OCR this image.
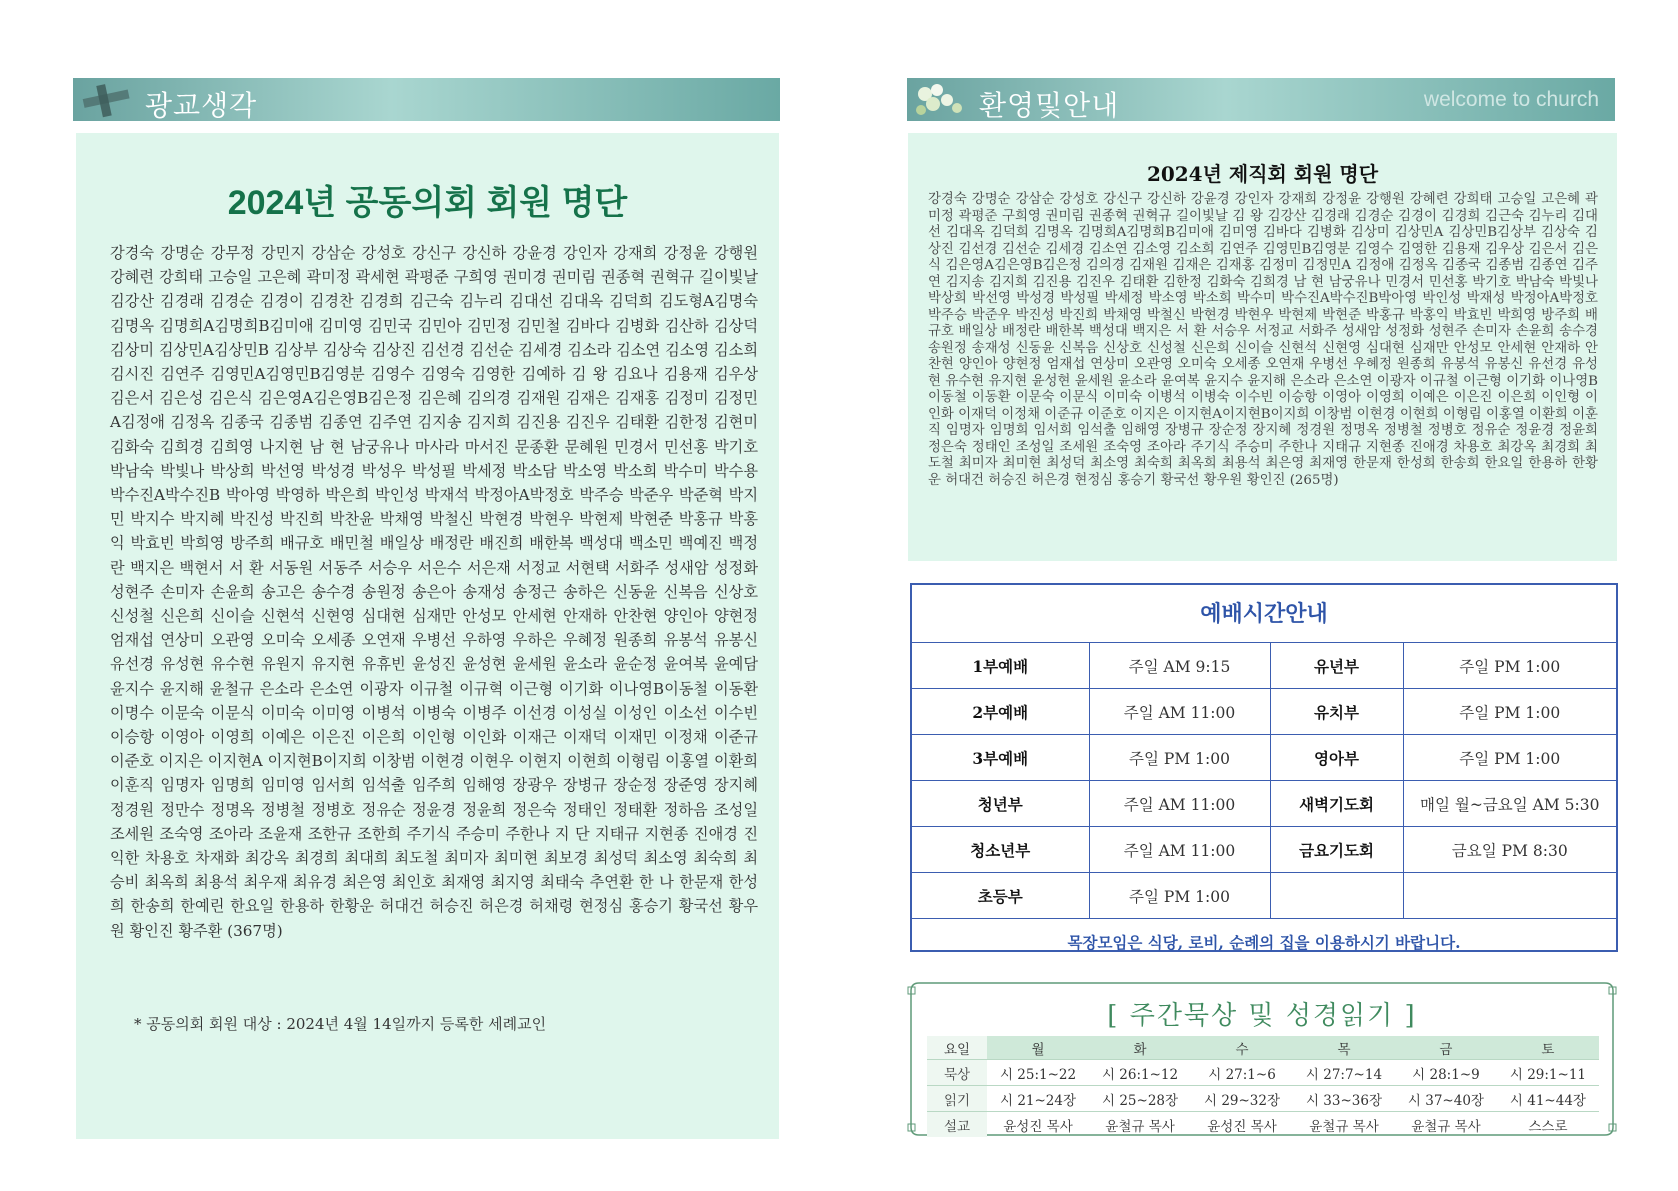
광교생각	환영및안내	welcome to church
2024년 공동의회 회원 명단
강경숙 강명순 강무정 강민지 강삼순 강성호 강신구 강신하 강윤경 강인자 강재희 강정윤 강행원 강혜련 강희태 고승일 고은혜 곽미정 곽세현 곽평준 구희영 권미경 권미림 권종혁 권혁규 길이빛날 김강산 김경래 김경순 김경이 김경찬 김경희 김근숙 김누리 김대선 김대옥 김덕희 김도형A김명숙 김명옥 김명희A김명희B김미애 김미영 김민국 김민아 김민정 김민철 김바다 김병화 김산하 김상덕 김상미 김상민A김상민B 김상부 김상숙 김상진 김선경 김선순 김세경 김소라 김소연 김소영 김소희 김시진 김연주 김영민A김영민B김영분 김영수 김영숙 김영한 김예하 김 왕 김요나 김용재 김우상 김은서 김은성 김은식 김은영A김은영B김은정 김은혜 김의경 김재원 김재은 김재홍 김정미 김정민A김정애 김정옥 김종국 김종범 김종연 김주연 김지송 김지희 김진용 김진우 김태환 김한정 김현미 김화숙 김희경 김희영 나지현 남 현 남궁유나 마사라 마서진 문종환 문혜원 민경서 민선홍 박기호 박남숙 박빛나 박상희 박선영 박성경 박성우 박성필 박세정 박소담 박소영 박소희 박수미 박수용 박수진A박수진B 박아영 박영하 박은희 박인성 박재석 박정아A박정호 박주승 박준우 박준혁 박지민 박지수 박지혜 박진성 박진희 박찬윤 박채영 박철신 박현경 박현우 박현제 박현준 박홍규 박홍익 박효빈 박희영 방주희 배규호 배민철 배일상 배정란 배진희 배한복 백성대 백소민 백예진 백정란 백지은 백현서 서 환 서동원 서동주 서승우 서은수 서은재 서정교 서현택 서화주 성새암 성정화 성현주 손미자 손윤희 송고은 송수경 송원정 송은아 송재성 송정근 송하은 신동윤 신복음 신상호 신성철 신은희 신이슬 신현석 신현영 심대현 심재만 안성모 안세현 안재하 안찬현 양인아 양현정 엄재섭 연상미 오관영 오미숙 오세종 오연재 우병선 우하영 우하은 우혜정 원종희 유봉석 유봉신 유선경 유성현 유수현 유원지 유지현 유휴빈 윤성진 윤성현 윤세원 윤소라 윤순정 윤여복 윤예담 윤지수 윤지해 윤철규 은소라 은소연 이광자 이규철 이규혁 이근형 이기화 이나영B이동철 이동환 이명수 이문숙 이문식 이미숙 이미영 이병석 이병숙 이병주 이선경 이성실 이성인 이소선 이수빈 이승항 이영아 이영희 이예은 이은진 이은희 이인형 이인화 이재근 이재덕 이재민 이정채 이준규 이준호 이지은 이지현A 이지현B이지희 이창범 이현경 이현우 이현지 이현희 이형림 이홍열 이환희 이훈직 임명자 임명희 임미영 임서희 임석출 임주희 임해영 장광우 장병규 장순정 장준영 장지혜 정경원 정만수 정명옥 정병철 정병호 정유순 정윤경 정윤희 정은숙 정태인 정태환 정하음 조성일 조세원 조숙영 조아라 조윤재 조한규 조한희 주기식 주승미 주한나 지 단 지태규 지현종 진애경 진익한 차용호 차재화 최강옥 최경희 최대희 최도철 최미자 최미현 최보경 최성덕 최소영 최숙희 최승비 최옥희 최용석 최우재 최유경 최은영 최인호 최재영 최지영 최태숙 추연환 한 나 한문재 한성희 한송희 한예린 한요일 한용하 한황운 허대건 허승진 허은경 허채령 현정심 홍승기 황국선 황우원 황인진 황주환 (367명)
* 공동의회 회원 대상 : 2024년 4월 14일까지 등록한 세례교인
2024년 제직회 회원 명단
강경숙 강명순 강삼순 강성호 강신구 강신하 강윤경 강인자 강재희 강정윤 강행원 강혜련 강희태 고승일 고은혜 곽미정 곽평준 구희영 권미림 권종혁 권혁규 길이빛날 김 왕 김강산 김경래 김경순 김경이 김경희 김근숙 김누리 김대선 김대옥 김덕희 김명옥 김명희A김명희B김미애 김미영 김바다 김병화 김상미 김상민A 김상민B김상부 김상숙 김상진 김선경 김선순 김세경 김소연 김소영 김소희 김연주 김영민B김영분 김영수 김영한 김용재 김우상 김은서 김은식 김은영A김은영B김은정 김의경 김재원 김재은 김재홍 김정미 김정민A 김정애 김정옥 김종국 김종범 김종연 김주연 김지송 김지희 김진용 김진우 김태환 김한정 김화숙 김희경 남 현 남궁유나 민경서 민선홍 박기호 박남숙 박빛나 박상희 박선영 박성경 박성필 박세정 박소영 박소희 박수미 박수진A박수진B박아영 박인성 박재성 박정아A박정호 박주승 박준우 박진성 박진희 박채영 박철신 박현경 박현우 박현제 박현준 박홍규 박홍익 박효빈 박희영 방주희 배규호 배일상 배정란 배한복 백성대 백지은 서 환 서승우 서정교 서화주 성새암 성정화 성현주 손미자 손윤희 송수경 송원정 송재성 신동윤 신복음 신상호 신성철 신은희 신이슬 신현석 신현영 심대현 심재만 안성모 안세현 안재하 안찬현 양인아 양현정 엄재섭 연상미 오관영 오미숙 오세종 오연재 우병선 우혜정 원종희 유봉석 유봉신 유선경 유성현 유수현 유지현 윤성현 윤세원 윤소라 윤여복 윤지수 윤지해 은소라 은소연 이광자 이규철 이근형 이기화 이나영B이동철 이동환 이문숙 이문식 이미숙 이병석 이병숙 이수빈 이승항 이영아 이영희 이예은 이은진 이은희 이인형 이인화 이재덕 이정채 이준규 이준호 이지은 이지현A이지현B이지희 이창범 이현경 이현희 이형림 이홍열 이환희 이훈직 임명자 임명희 임서희 임석출 임해영 장병규 장순정 장지혜 정경원 정명옥 정병철 정병호 정유순 정윤경 정윤희 정은숙 정태인 조성일 조세원 조숙영 조아라 주기식 주승미 주한나 지태규 지현종 진애경 차용호 최강옥 최경희 최도철 최미자 최미현 최성덕 최소영 최숙희 최옥희 최용석 최은영 최재영 한문재 한성희 한송희 한요일 한용하 한황운 허대건 허승진 허은경 현정심 홍승기 황국선 황우원 황인진 (265명)
예배시간안내
1부예배	주일 AM 9:15	유년부	주일 PM 1:00
2부예배	주일 AM 11:00	유치부	주일 PM 1:00
3부예배	주일 PM 1:00	영아부	주일 PM 1:00
청년부	주일 AM 11:00	새벽기도회	매일 월~금요일 AM 5:30
청소년부	주일 AM 11:00	금요기도회	금요일 PM 8:30
초등부	주일 PM 1:00		
목장모임은 식당, 로비, 순례의 집을 이용하시기 바랍니다.
[ 주간묵상 및 성경읽기 ]
요일	월	화	수	목	금	토
묵상	시 25:1~22	시 26:1~12	시 27:1~6	시 27:7~14	시 28:1~9	시 29:1~11
읽기	시 21~24장	시 25~28장	시 29~32장	시 33~36장	시 37~40장	시 41~44장
설교	윤성진 목사	윤철규 목사	윤성진 목사	윤철규 목사	윤철규 목사	스스로
